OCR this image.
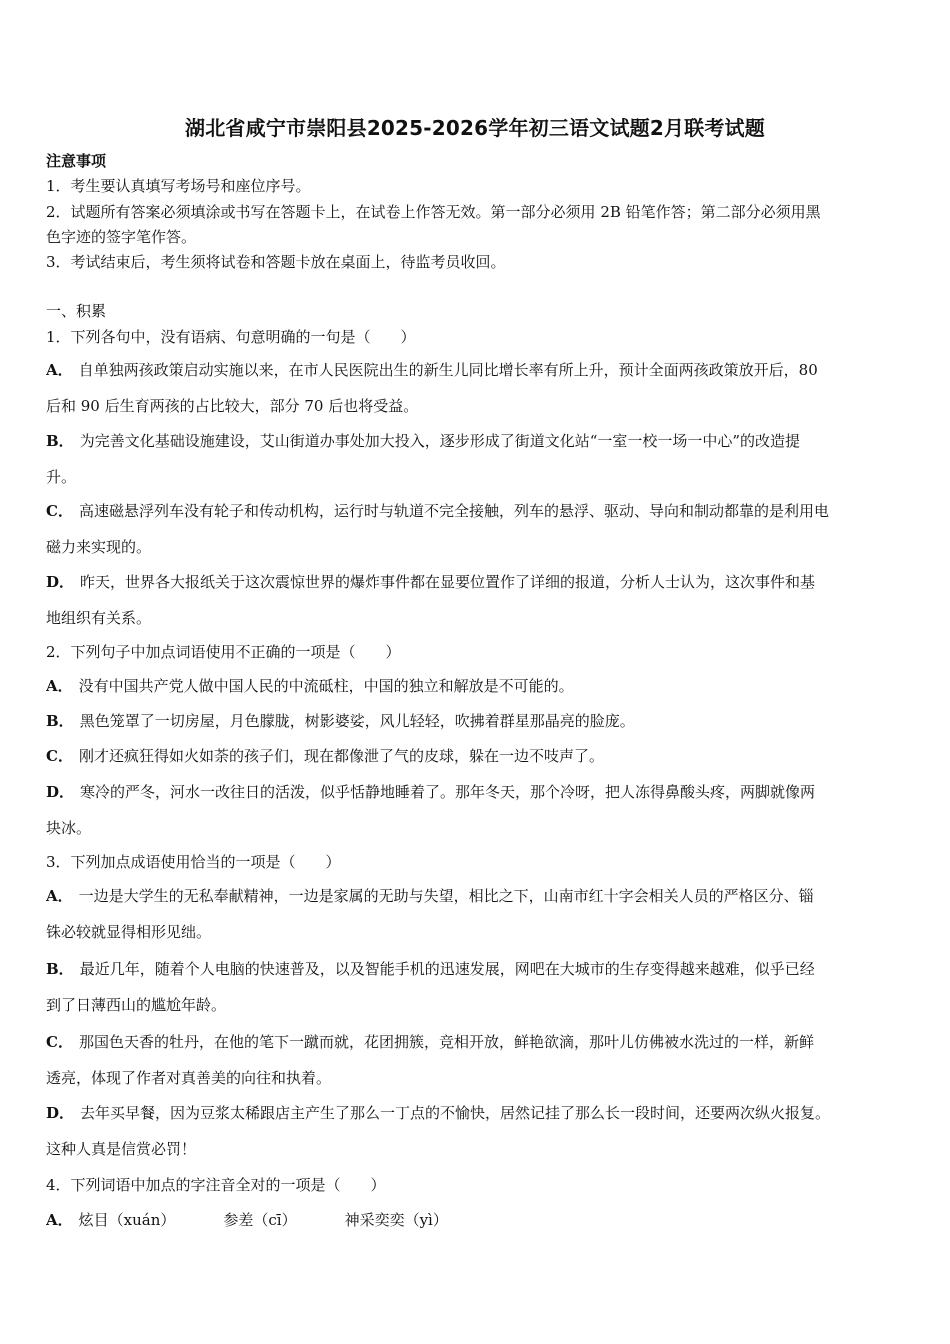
湖北省咸宁市崇阳县2025-2026学年初三语文试题2月联考试题
注意事项
1．考生要认真填写考场号和座位序号。
2．试题所有答案必须填涂或书写在答题卡上，在试卷上作答无效。第一部分必须用 2B 铅笔作答；第二部分必须用黑
色字迹的签字笔作答。
3．考试结束后，考生须将试卷和答题卡放在桌面上，待监考员收回。
一、积累
1．下列各句中，没有语病、句意明确的一句是（　　）
A． 自单独两孩政策启动实施以来，在市人民医院出生的新生儿同比增长率有所上升，预计全面两孩政策放开后，80
后和 90 后生育两孩的占比较大，部分 70 后也将受益。
B． 为完善文化基础设施建设，艾山街道办事处加大投入，逐步形成了街道文化站“一室一校一场一中心”的改造提
升。
C． 高速磁悬浮列车没有轮子和传动机构，运行时与轨道不完全接触，列车的悬浮、驱动、导向和制动都靠的是利用电
磁力来实现的。
D． 昨天，世界各大报纸关于这次震惊世界的爆炸事件都在显要位置作了详细的报道，分析人士认为，这次事件和基
地组织有关系。
2．下列句子中加点词语使用不正确的一项是（　　）
A． 没有中国共产党人做中国人民的中流砥柱，中国的独立和解放是不可能的。
B． 黑色笼罩了一切房屋，月色朦胧，树影婆娑，风儿轻轻，吹拂着群星那晶亮的脸庞。
C． 刚才还疯狂得如火如荼的孩子们，现在都像泄了气的皮球，躲在一边不吱声了。
D． 寒冷的严冬，河水一改往日的活泼，似乎恬静地睡着了。那年冬天，那个冷呀，把人冻得鼻酸头疼，两脚就像两
块冰。
3．下列加点成语使用恰当的一项是（　　）
A． 一边是大学生的无私奉献精神，一边是家属的无助与失望，相比之下，山南市红十字会相关人员的严格区分、锱
铢必较就显得相形见绌。
B． 最近几年，随着个人电脑的快速普及，以及智能手机的迅速发展，网吧在大城市的生存变得越来越难，似乎已经
到了日薄西山的尴尬年龄。
C． 那国色天香的牡丹，在他的笔下一蹴而就，花团拥簇，竞相开放，鲜艳欲滴，那叶儿仿佛被水洗过的一样，新鲜
透亮，体现了作者对真善美的向往和执着。
D． 去年买早餐，因为豆浆太稀跟店主产生了那么一丁点的不愉快，居然记挂了那么长一段时间，还要两次纵火报复。
这种人真是信赏必罚！
4．下列词语中加点的字注音全对的一项是（　　）
A． 炫目（xuán）	参差（cī）	神采奕奕（yì）
